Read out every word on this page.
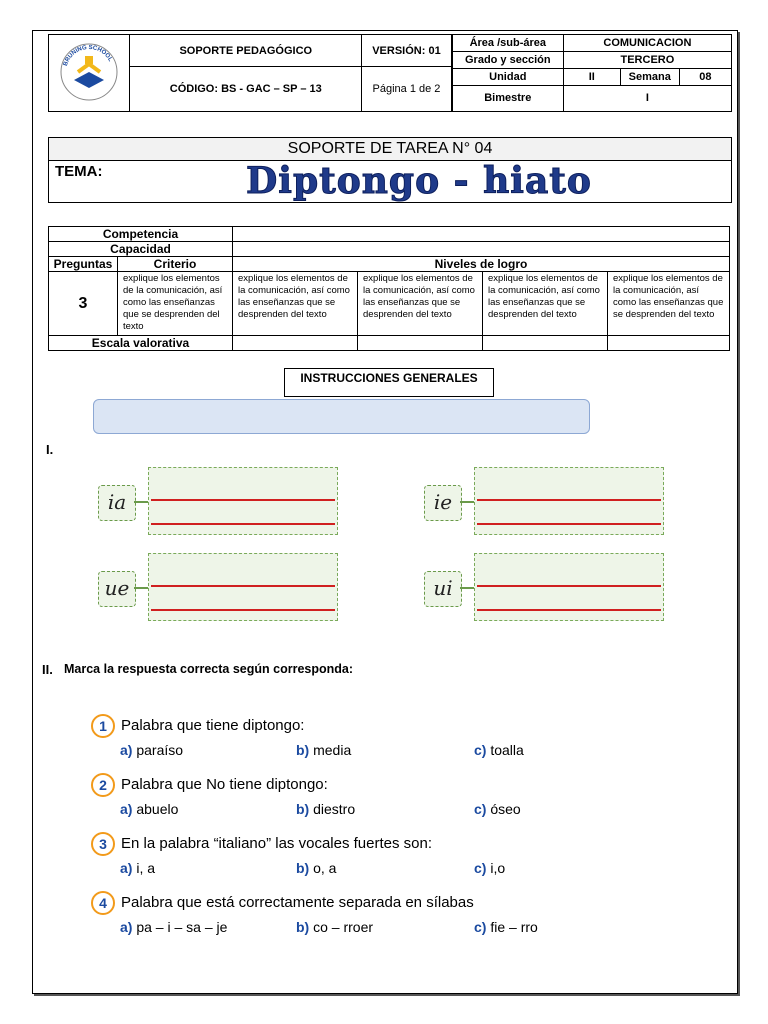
BRUNING SCHOOL
	SOPORTE PEDAGÓGICO	VERSIÓN: 01		
Área /sub-área	COMUNICACION
Grado y sección	TERCERO
Unidad	II	Semana	08
Bimestre	I

CÓDIGO: BS - GAC – SP – 13	Página 1 de 2	
SOPORTE DE TAREA N° 04
TEMA:	Diptongo - hiato
Competencia					
Capacidad					
Preguntas	Criterio	Niveles de logro			
3	explique los elementos de la comunicación, así como las enseñanzas que se desprenden del texto	explique los elementos de la comunicación, así como las enseñanzas que se desprenden del texto	explique los elementos de la comunicación, así como las enseñanzas que se desprenden del texto	explique los elementos de la comunicación, así como las enseñanzas que se desprenden del texto	explique los elementos de la comunicación, así como las enseñanzas que se desprenden del texto
Escala valorativa					
INSTRUCCIONES GENERALES
I.
ia	ie
ue	ui
II. Marca la respuesta correcta según corresponda:
1 Palabra que tiene diptongo:
a) paraíso	b) media	c) toalla
2 Palabra que No tiene diptongo:
a) abuelo	b) diestro	c) óseo
3 En la palabra “italiano” las vocales fuertes son:
a) i, a	b) o, a	c) i,o
4 Palabra que está correctamente separada en sílabas
a) pa – i – sa – je	b) co – rroer	c) fie – rro
